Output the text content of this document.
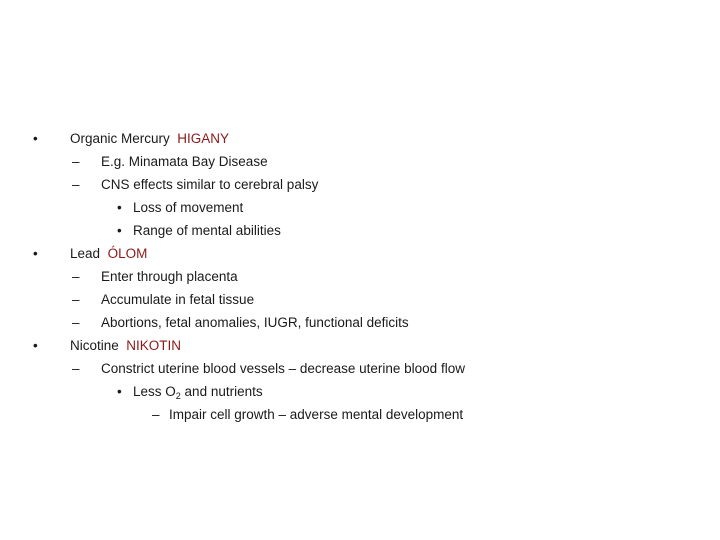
• Organic Mercury HIGANY
– E.g. Minamata Bay Disease
– CNS effects similar to cerebral palsy
• Loss of movement
• Range of mental abilities
• Lead ÓLOM
– Enter through placenta
– Accumulate in fetal tissue
– Abortions, fetal anomalies, IUGR, functional deficits
• Nicotine NIKOTIN
– Constrict uterine blood vessels – decrease uterine blood flow
• Less $O_2$ and nutrients
– Impair cell growth – adverse mental development
